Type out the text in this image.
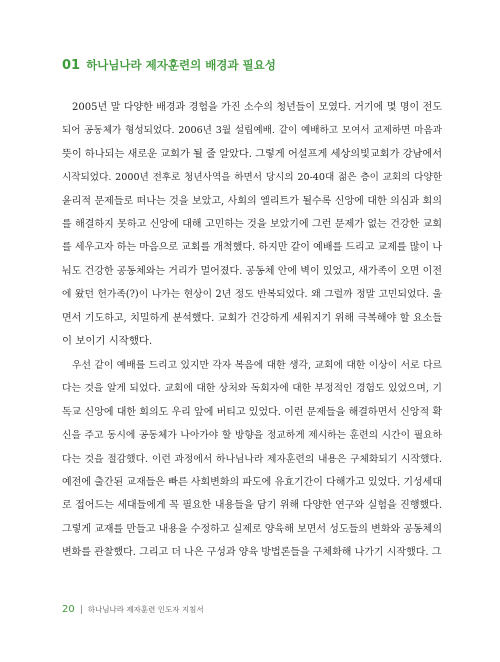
01 하나님나라 제자훈련의 배경과 필요성
2005년 말 다양한 배경과 경험을 가진 소수의 청년들이 모였다. 거기에 몇 명이 전도
되어 공동체가 형성되었다. 2006년 3월 설립예배. 같이 예배하고 모여서 교제하면 마음과
뜻이 하나되는 새로운 교회가 될 줄 알았다. 그렇게 어설프게 세상의빛교회가 강남에서
시작되었다. 2000년 전후로 청년사역을 하면서 당시의 20-40대 젊은 층이 교회의 다양한
윤리적 문제들로 떠나는 것을 보았고, 사회의 엘리트가 될수록 신앙에 대한 의심과 회의
를 해결하지 못하고 신앙에 대해 고민하는 것을 보았기에 그런 문제가 없는 건강한 교회
를 세우고자 하는 마음으로 교회를 개척했다. 하지만 같이 예배를 드리고 교제를 많이 나
눠도 건강한 공동체와는 거리가 멀어졌다. 공동체 안에 벽이 있었고, 새가족이 오면 이전
에 왔던 헌가족(?)이 나가는 현상이 2년 정도 반복되었다. 왜 그럴까 정말 고민되었다. 울
면서 기도하고, 치밀하게 분석했다. 교회가 건강하게 세워지기 위해 극복해야 할 요소들
이 보이기 시작했다.
우선 같이 예배를 드리고 있지만 각자 복음에 대한 생각, 교회에 대한 이상이 서로 다르
다는 것을 알게 되었다. 교회에 대한 상처와 독회자에 대한 부정적인 경험도 있었으며, 기
독교 신앙에 대한 회의도 우리 앞에 버티고 있었다. 이런 문제들을 해결하면서 신앙적 확
신을 주고 동시에 공동체가 나아가야 할 방향을 정교하게 제시하는 훈련의 시간이 필요하
다는 것을 절감했다. 이런 과정에서 하나님나라 제자훈련의 내용은 구체화되기 시작했다.
예전에 출간된 교재들은 빠른 사회변화의 파도에 유효기간이 다해가고 있었다. 기성세대
로 접어드는 세대들에게 꼭 필요한 내용들을 담기 위해 다양한 연구와 실험을 진행했다.
그렇게 교재를 만들고 내용을 수정하고 실제로 양육해 보면서 성도들의 변화와 공동체의
변화를 관찰했다. 그리고 더 나은 구성과 양육 방법론들을 구체화해 나가기 시작했다. 그
20 하나님나라 제자훈련 인도자 지침서
